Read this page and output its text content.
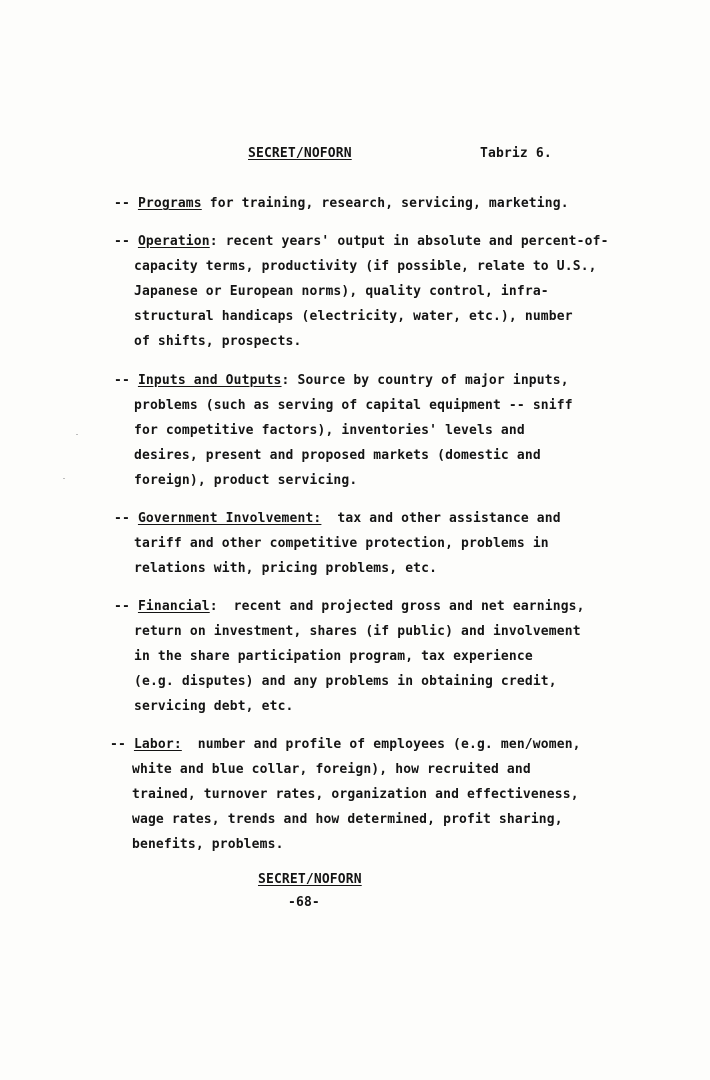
SECRET/NOFORN	Tabriz 6.
-- Programs for training, research, servicing, marketing.
-- Operation: recent years' output in absolute and percent-of-
capacity terms, productivity (if possible, relate to U.S.,
Japanese or European norms), quality control, infra-
structural handicaps (electricity, water, etc.), number
of shifts, prospects.
-- Inputs and Outputs: Source by country of major inputs,
problems (such as serving of capital equipment -- sniff
for competitive factors), inventories' levels and
desires, present and proposed markets (domestic and
foreign), product servicing.
-- Government Involvement:  tax and other assistance and
tariff and other competitive protection, problems in
relations with, pricing problems, etc.
-- Financial:  recent and projected gross and net earnings,
return on investment, shares (if public) and involvement
in the share participation program, tax experience
(e.g. disputes) and any problems in obtaining credit,
servicing debt, etc.
-- Labor:  number and profile of employees (e.g. men/women,
white and blue collar, foreign), how recruited and
trained, turnover rates, organization and effectiveness,
wage rates, trends and how determined, profit sharing,
benefits, problems.
SECRET/NOFORN
-68-
